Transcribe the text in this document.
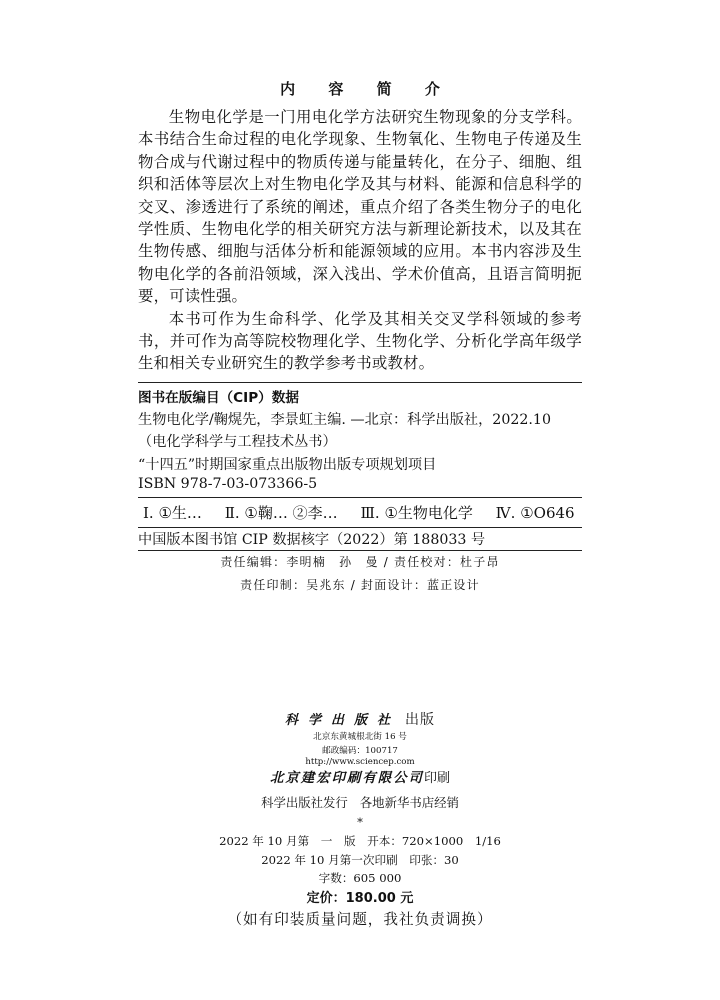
内 容 简 介

生物电化学是一门用电化学方法研究生物现象的分支学科。本书结合生命过程的电化学现象、生物氧化、生物电子传递及生物合成与代谢过程中的物质传递与能量转化，在分子、细胞、组织和活体等层次上对生物电化学及其与材料、能源和信息科学的交叉、渗透进行了系统的阐述，重点介绍了各类生物分子的电化学性质、生物电化学的相关研究方法与新理论新技术，以及其在生物传感、细胞与活体分析和能源领域的应用。本书内容涉及生物电化学的各前沿领域，深入浅出、学术价值高，且语言简明扼要，可读性强。

本书可作为生命科学、化学及其相关交叉学科领域的参考书，并可作为高等院校物理化学、生物化学、分析化学高年级学生和相关专业研究生的教学参考书或教材。

图书在版编目（CIP）数据
生物电化学/鞠熀先，李景虹主编. —北京：科学出版社，2022.10
（电化学科学与工程技术丛书）
“十四五”时期国家重点出版物出版专项规划项目
ISBN 978-7-03-073366-5
Ⅰ. ①生… Ⅱ. ①鞠… ②李… Ⅲ. ①生物电化学 Ⅳ. ①O646
中国版本图书馆 CIP 数据核字（2022）第 188033 号
责任编辑：李明楠　孙　曼 / 责任校对：杜子昂
责任印制：吴兆东 / 封面设计：蓝正设计
科学出版社 出版
北京东黄城根北街 16 号
邮政编码：100717
http://www.sciencep.com
北京建宏印刷有限公司印刷
科学出版社发行 各地新华书店经销
*
2022 年 10 月第　一　版　开本：720×1000　1/16
2022 年 10 月第一次印刷　印张：30
字数：605 000
定价：180.00 元
（如有印装质量问题，我社负责调换）
